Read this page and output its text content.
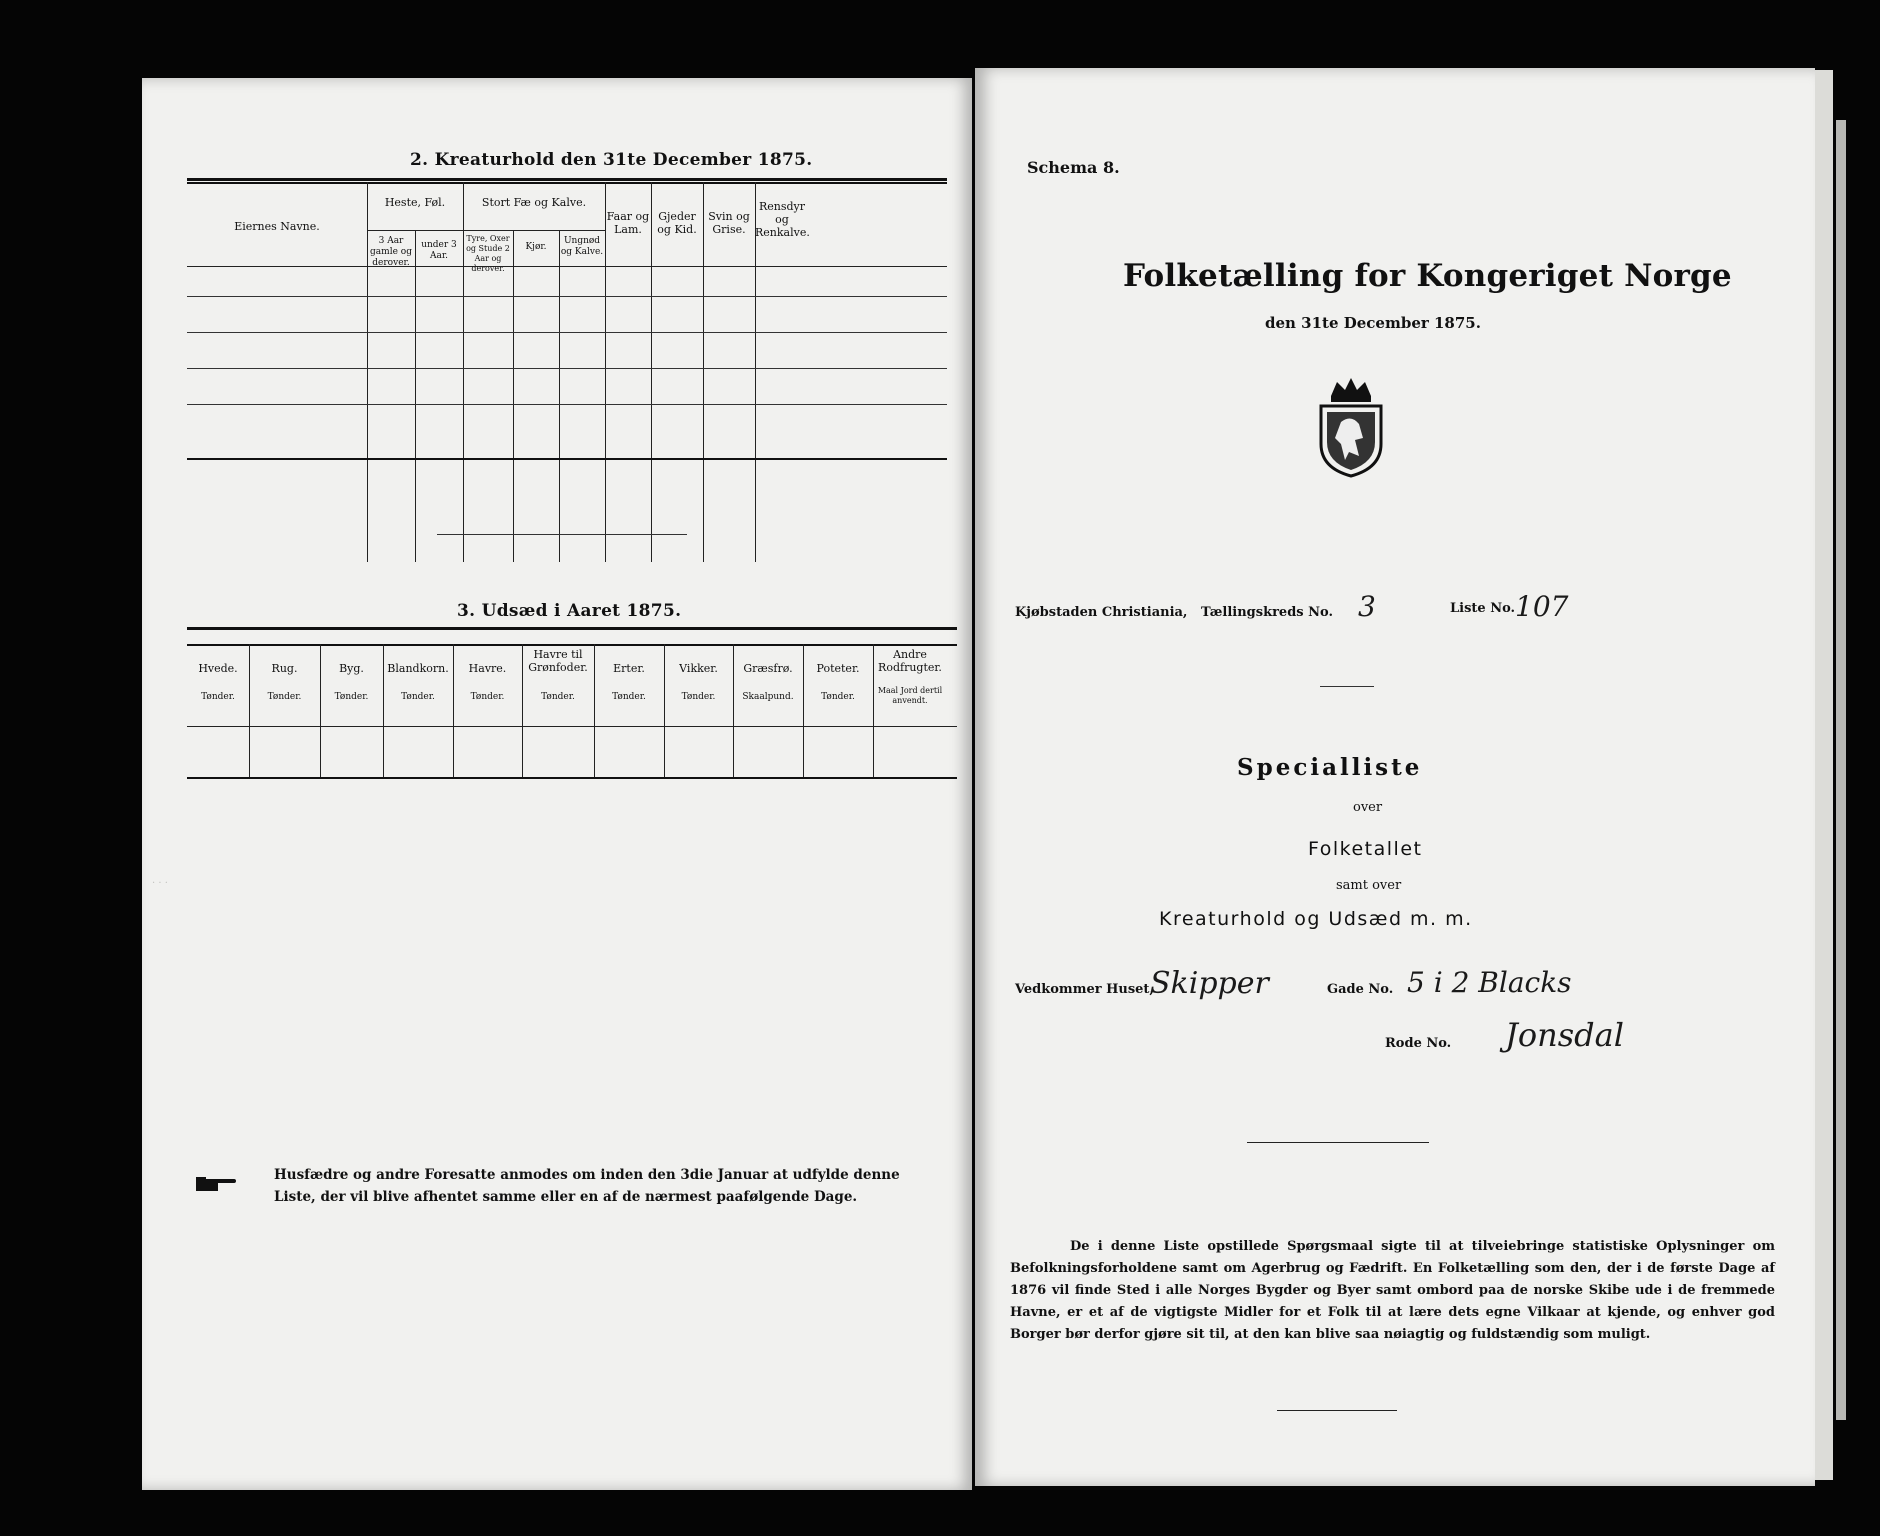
2. Kreaturhold den 31te December 1875.
Eiernes Navne.
Heste, Føl.
3 Aar gamle og derover.
under 3 Aar.
Stort Fæ og Kalve.
Tyre, Oxer og Stude 2 Aar og derover.
Kjør.
Ungnød og Kalve.
Faar og Lam.
Gjeder og Kid.
Svin og Grise.
Rensdyr og Renkalve.
3. Udsæd i Aaret 1875.
Hvede.
Tønder.
Rug.
Tønder.
Byg.
Tønder.
Blandkorn.
Tønder.
Havre.
Tønder.
Havre til Grønfoder.
Tønder.
Erter.
Tønder.
Vikker.
Tønder.
Græsfrø.
Skaalpund.
Poteter.
Tønder.
Andre Rodfrugter.
Maal Jord dertil anvendt.
Husfædre og andre Foresatte anmodes om inden den 3die Januar at udfylde denne Liste, der vil blive afhentet samme eller en af de nærmest paafølgende Dage.
· · ·
Schema 8.
Folketælling for Kongeriget Norge
den 31te December 1875.
Kjøbstaden Christiania, Tællingskreds No. 3	Liste No. 107
Specialliste
over
Folketallet
samt over
Kreaturhold og Udsæd m. m.
Vedkommer Huset,
Skipper	Gade No. 5 i 2 Blacks
Rode No. Jonsdal
De i denne Liste opstillede Spørgsmaal sigte til at tilveiebringe statistiske Oplysninger om Befolkningsforholdene samt om Agerbrug og Fædrift. En Folketælling som den, der i de første Dage af 1876 vil finde Sted i alle Norges Bygder og Byer samt ombord paa de norske Skibe ude i de fremmede Havne, er et af de vigtigste Midler for et Folk til at lære dets egne Vilkaar at kjende, og enhver god Borger bør derfor gjøre sit til, at den kan blive saa nøiagtig og fuldstændig som muligt.
